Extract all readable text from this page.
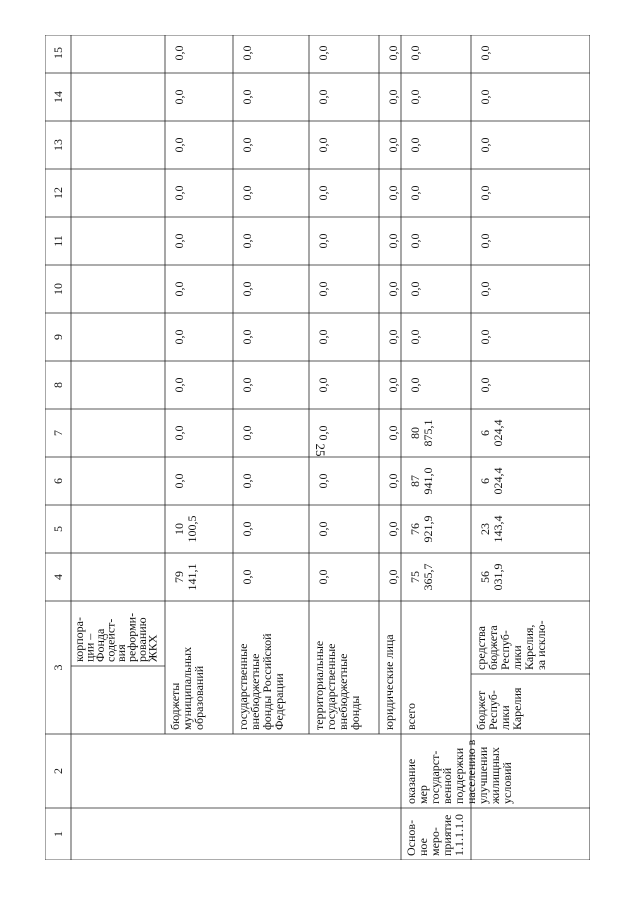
25
1
2
3
4
5
6
7
8
9
10
11
12
13
14
15
корпора-ции –Фондасодейст-вияреформи-рованиюЖКХ
бюджетымуниципальныхобразований
79141,1
10100,5
0,0
0,0
0,0
0,0
0,0
0,0
0,0
0,0
0,0
0,0
государственныевнебюджетныефонды РоссийскойФедерации
0,0
0,0
0,0
0,0
0,0
0,0
0,0
0,0
0,0
0,0
0,0
0,0
территориальныегосударственныевнебюджетныефонды
0,0
0,0
0,0
0,0
0,0
0,0
0,0
0,0
0,0
0,0
0,0
0,0
юридические лица
0,0
0,0
0,0
0,0
0,0
0,0
0,0
0,0
0,0
0,0
0,0
0,0
Основ-ноемеро-приятие1.1.1.1.0
оказаниемергосударст-веннойподдержкинаселению вулучшениижилищныхусловий
всего
75365,7
76921,9
87941,0
80875,1
0,0
0,0
0,0
0,0
0,0
0,0
0,0
0,0
бюджетРеспуб-ликиКарелия
средствабюджетаРеспуб-ликиКарелия,за исклю-
56031,9
23143,4
6024,4
6024,4
0,0
0,0
0,0
0,0
0,0
0,0
0,0
0,0
